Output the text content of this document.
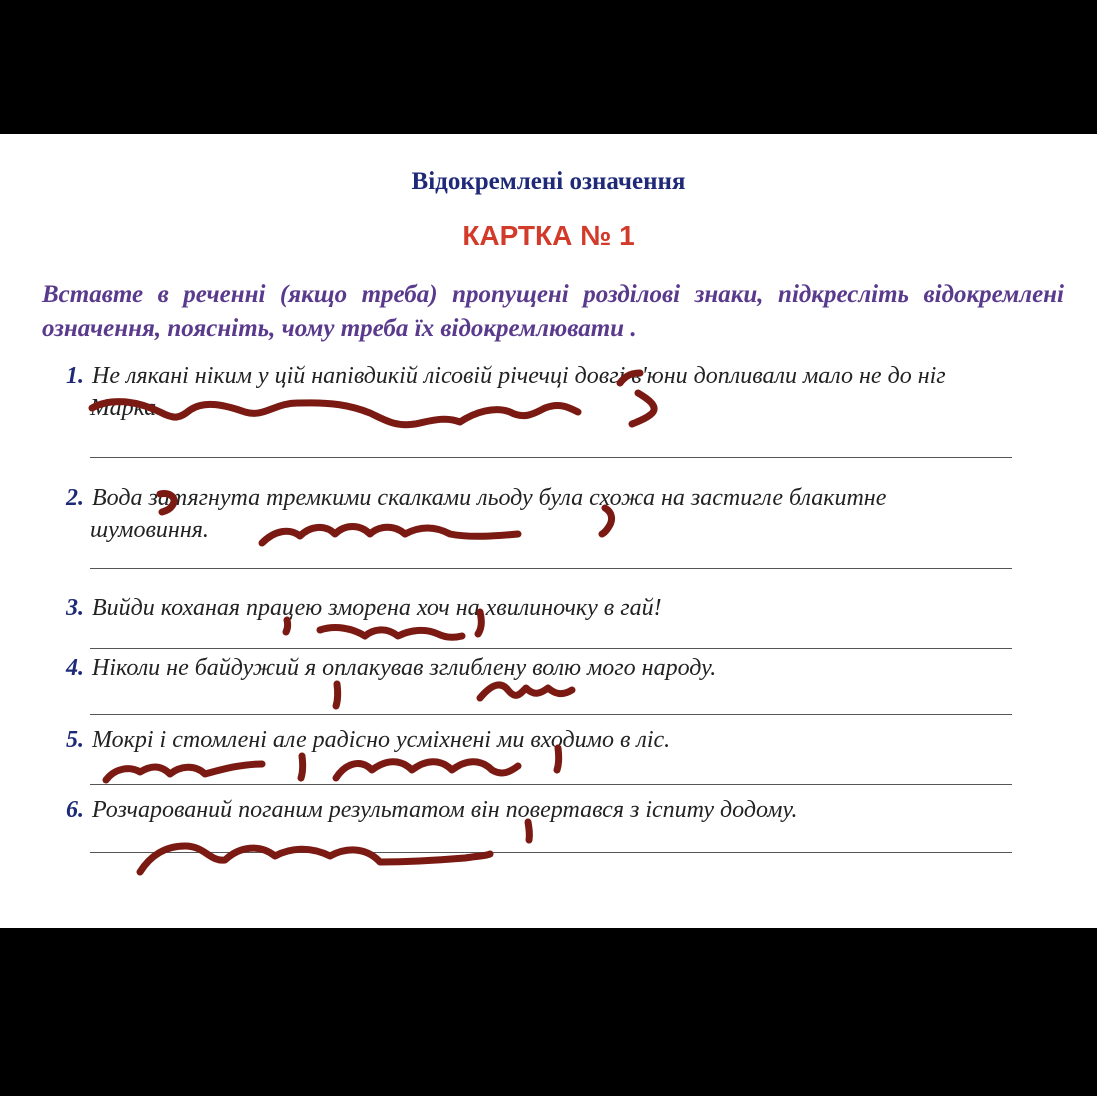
Відокремлені означення
КАРТКА № 1
Вставте в реченні (якщо треба) пропущені розділові знаки, підкресліть відокремлені означення, поясніть, чому треба їх відокремлювати .
1. Не лякані ніким у цій напівдикій лісовій річечці довгі в'юни допливали мало не до ніг
Марка.
2. Вода затягнута тремкими скалками льоду була схожа на застигле блакитне
шумовиння.
3. Вийди коханая працею зморена хоч на хвилиночку в гай!
4. Ніколи не байдужий я оплакував зглиблену волю мого народу.
5. Мокрі і стомлені але радісно усміхнені ми входимо в ліс.
6. Розчарований поганим результатом він повертався з іспиту додому.
